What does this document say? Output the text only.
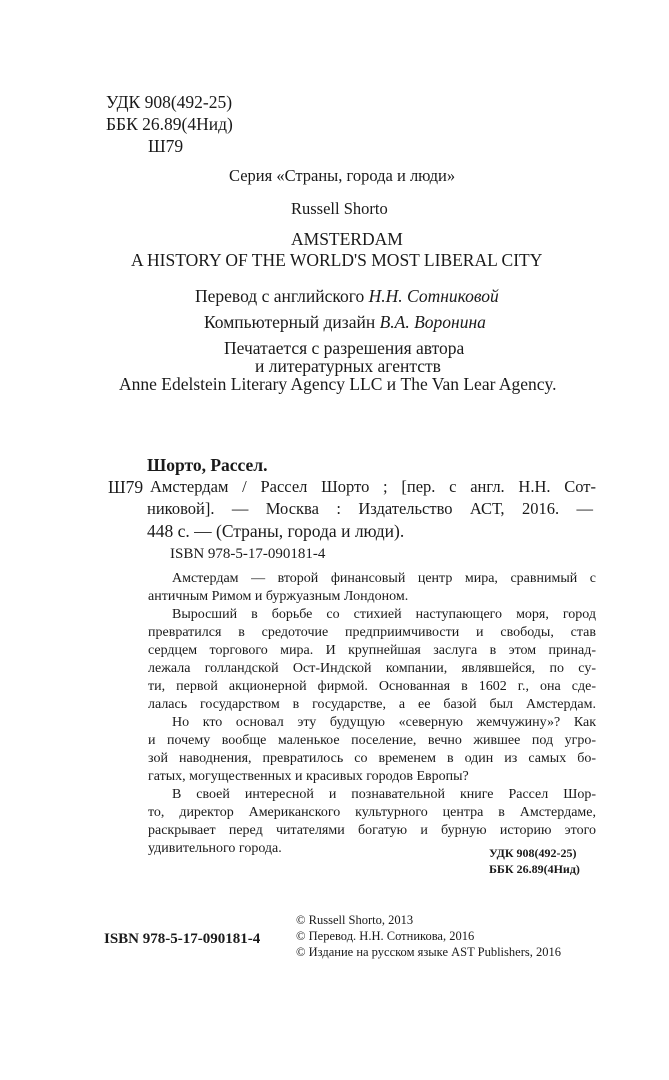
УДК 908(492-25)
ББК 26.89(4Нид)
Ш79
Серия «Страны, города и люди»
Russell Shorto
AMSTERDAM
A HISTORY OF THE WORLD'S MOST LIBERAL CITY
Перевод с английского Н.Н. Сотниковой
Компьютерный дизайн В.А. Воронина
Печатается с разрешения автора
и литературных агентств
Anne Edelstein Literary Agency LLC и The Van Lear Agency.
Шорто, Рассел.
Ш79 Амстердам / Рассел Шорто ; [пер. с англ. Н.Н. Сот-
никовой]. — Москва : Издательство АСТ, 2016. —
448 с. — (Страны, города и люди).
ISBN 978-5-17-090181-4
Амстердам — второй финансовый центр мира, сравнимый с
античным Римом и буржуазным Лондоном.
Выросший в борьбе со стихией наступающего моря, город
превратился в средоточие предприимчивости и свободы, став
сердцем торгового мира. И крупнейшая заслуга в этом принад-
лежала голландской Ост-Индской компании, являвшейся, по су-
ти, первой акционерной фирмой. Основанная в 1602 г., она сде-
лалась государством в государстве, а ее базой был Амстердам.
Но кто основал эту будущую «северную жемчужину»? Как
и почему вообще маленькое поселение, вечно жившее под угро-
зой наводнения, превратилось со временем в один из самых бо-
гатых, могущественных и красивых городов Европы?
В своей интересной и познавательной книге Рассел Шор-
то, директор Американского культурного центра в Амстердаме,
раскрывает перед читателями богатую и бурную историю этого
удивительного города.	УДК 908(492-25)
ББК 26.89(4Нид)
ISBN 978-5-17-090181-4
© Russell Shorto, 2013
© Перевод. Н.Н. Сотникова, 2016
© Издание на русском языке AST Publishers, 2016
